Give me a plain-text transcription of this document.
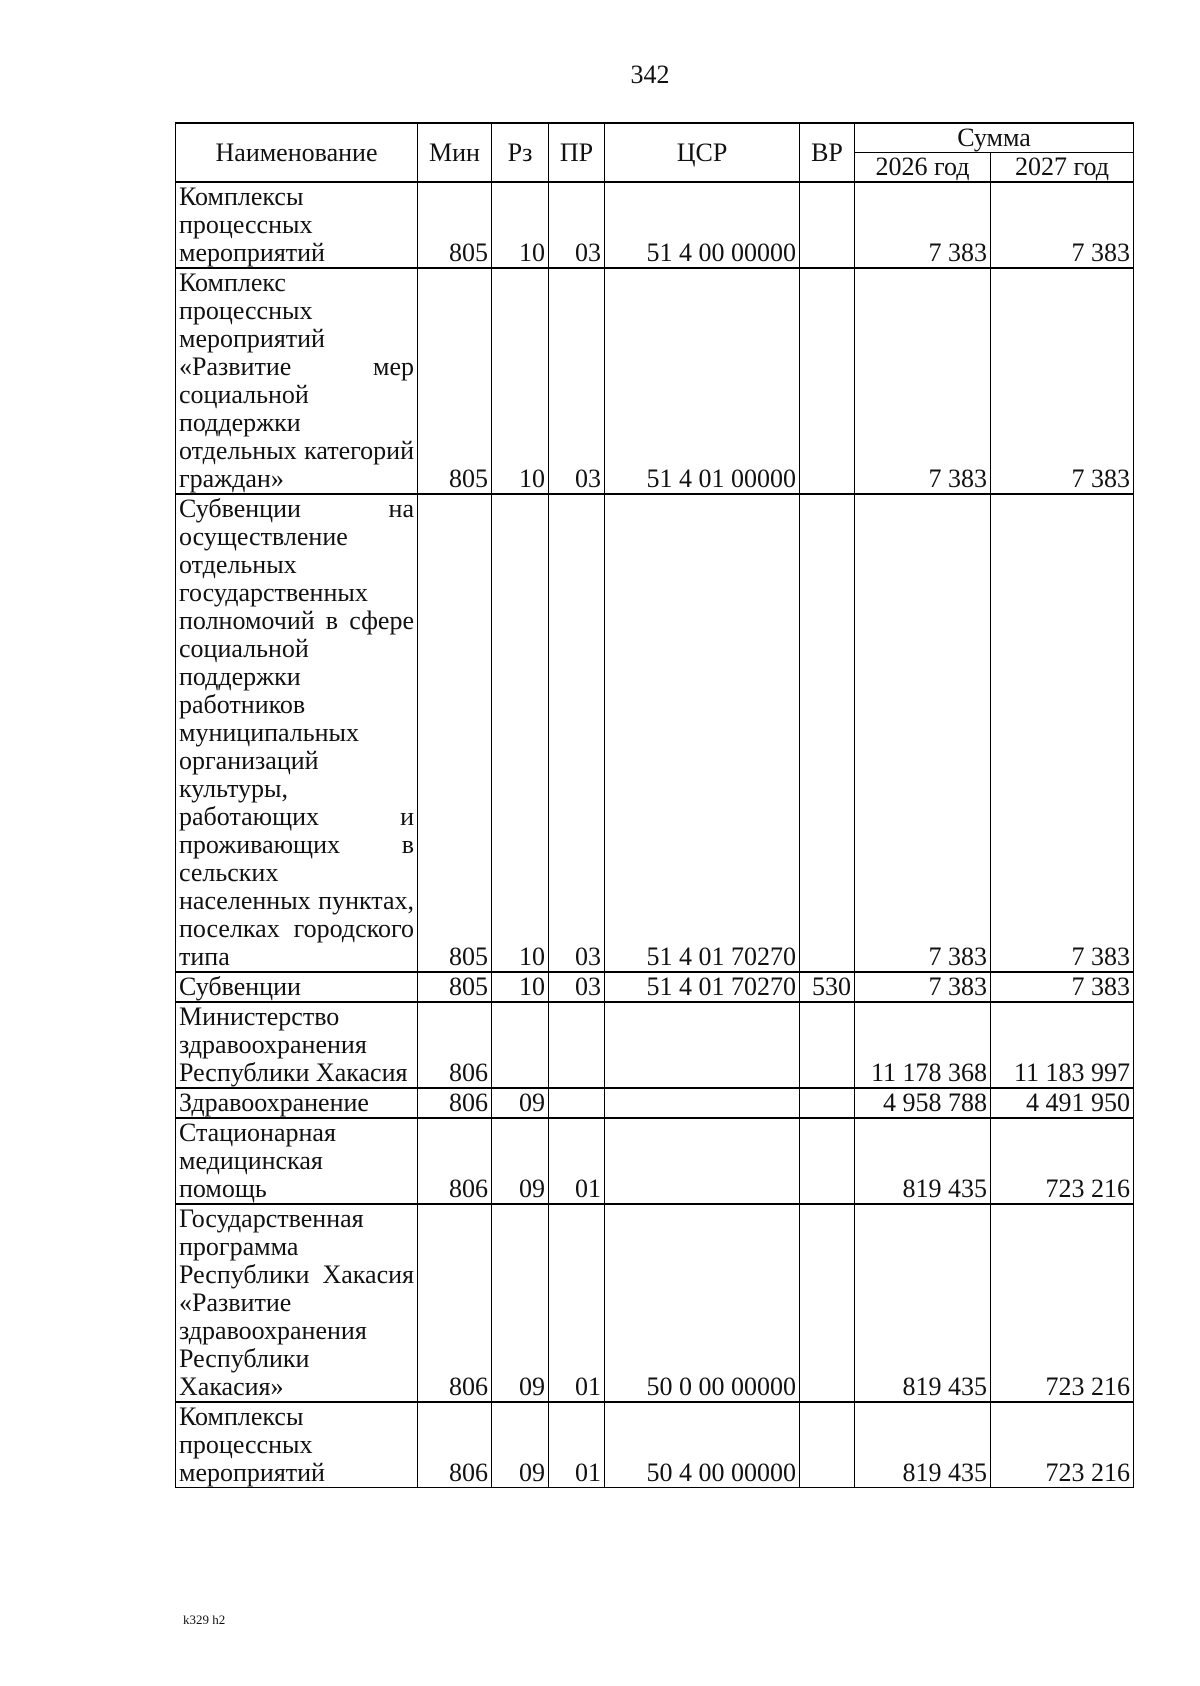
342
Наименование	Мин	Рз	ПР	ЦСР	ВР	Сумма	
						2026 год	2027 год
Комплексы процессных мероприятий	805	10	03	51 4 00 00000		7 383	7 383
Комплекс процессных мероприятий «Развитие мер социальной поддержки отдельных категорий граждан»	805	10	03	51 4 01 00000		7 383	7 383
Субвенции на осуществление отдельных государственных полномочий в сфере социальной поддержки работников муниципальных организаций культуры, работающих и проживающих в сельских населенных пунктах, поселках городского типа	805	10	03	51 4 01 70270		7 383	7 383
Субвенции	805	10	03	51 4 01 70270	530	7 383	7 383
Министерство здравоохранения Республики Хакасия	806					11 178 368	11 183 997
Здравоохранение	806	09				4 958 788	4 491 950
Стационарная медицинская помощь	806	09	01			819 435	723 216
Государственная программа Республики Хакасия «Развитие здравоохранения Республики Хакасия»	806	09	01	50 0 00 00000		819 435	723 216
Комплексы процессных мероприятий	806	09	01	50 4 00 00000		819 435	723 216
k329 h2
